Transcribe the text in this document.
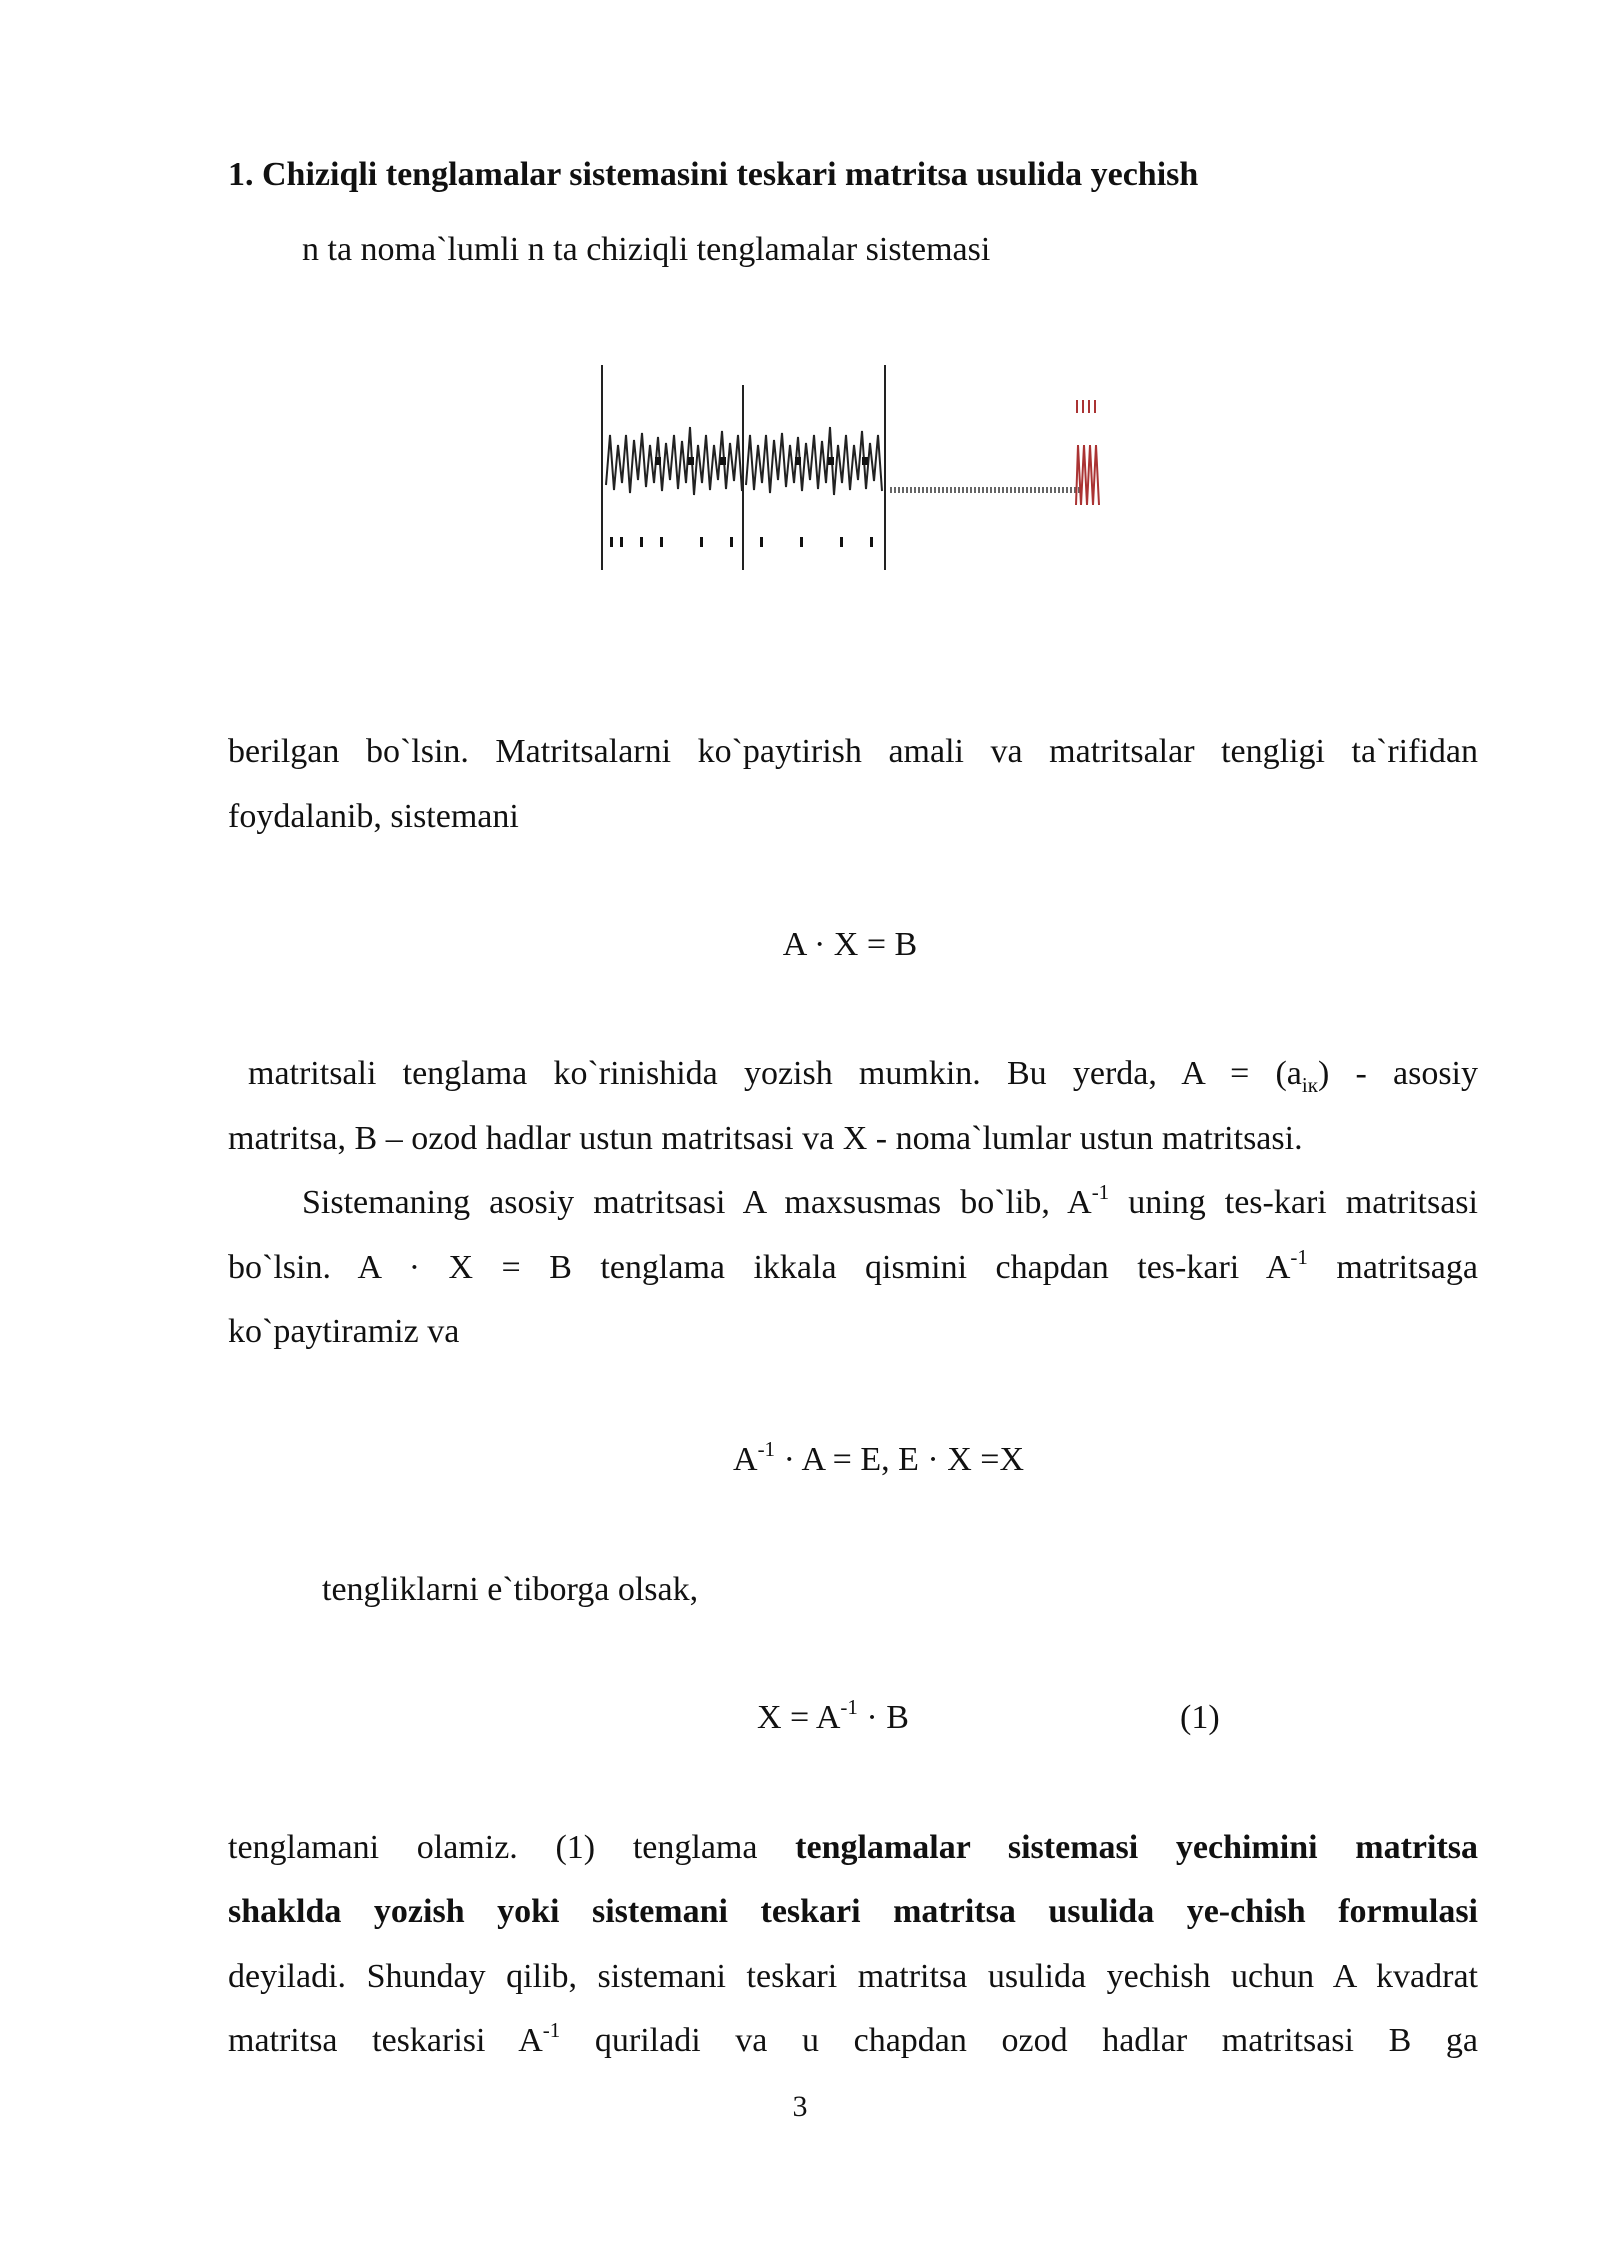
1. Chiziqli tenglamalar sistemasini teskari matritsa usulida yechish
n ta noma`lumli n ta chiziqli tenglamalar sistemasi
berilgan bo`lsin. Matritsalarni ko`paytirish amali va matritsalar tengligi ta`rifidan
foydalanib, sistemani
A · X = B
matritsali tenglama ko`rinishida yozish mumkin. Bu yerda, $A = (a_{iк})$ - asosiy
matritsa, B – ozod hadlar ustun matritsasi va X - noma`lumlar ustun matritsasi.
Sistemaning asosiy matritsasi A maxsusmas bo`lib, $A^{-1}$ uning tes-kari matritsasi
bo`lsin. A · X = B tenglama ikkala qismini chapdan tes-kari $A^{-1}$ matritsaga
ko`paytiramiz va
$A^{-1} \cdot A = E$, E · X =X
tengliklarni e`tiborga olsak,
$X = A^{-1} \cdot B$	(1)
tenglamani olamiz. (1) tenglama tenglamalar sistemasi yechimini matritsa
shaklda yozish yoki sistemani teskari matritsa usulida ye-chish formulasi
deyiladi. Shunday qilib, sistemani teskari matritsa usulida yechish uchun A kvadrat
matritsa teskarisi $A^{-1}$ quriladi va u chapdan ozod hadlar matritsasi B ga
3
